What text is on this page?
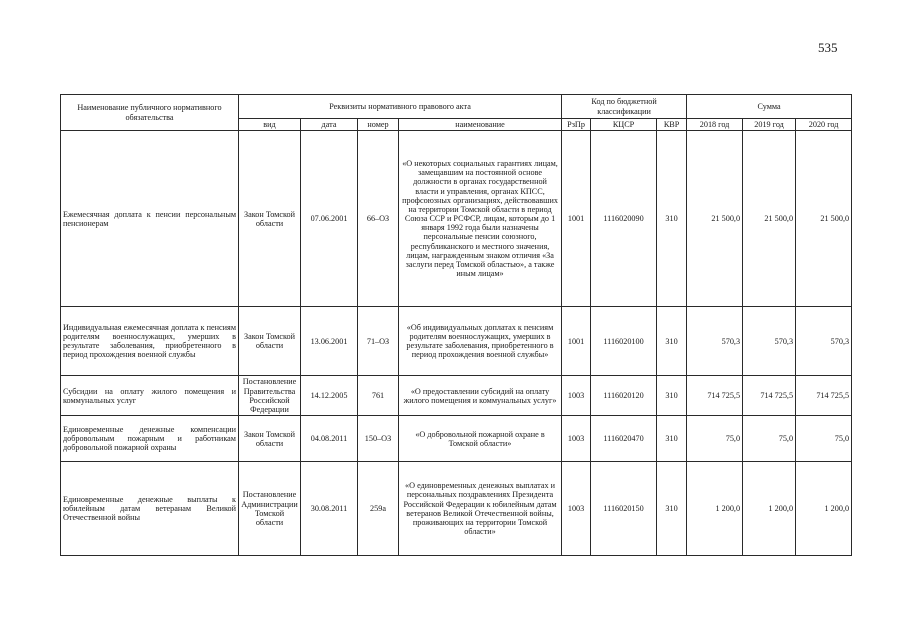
535
Наименование публичного нормативного обязательства	Реквизиты нормативного правового акта				Код по бюджетной классификации			Сумма		
	вид	дата	номер	наименование	РзПр	КЦСР	КВР	2018 год	2019 год	2020 год
Ежемесячная доплата к пенсии персональным пенсионерам	Закон Томской области	07.06.2001	66–ОЗ	«О некоторых социальных гарантиях лицам, замещавшим на постоянной основе должности в органах государственной власти и управления, органах КПСС, профсоюзных организациях, действовавших на территории Томской области в период Союза ССР и РСФСР, лицам, которым до 1 января 1992 года были назначены персональные пенсии союзного, республиканского и местного значения, лицам, награжденным знаком отличия «За заслуги перед Томской областью», а также иным лицам»	1001	1116020090	310	21 500,0	21 500,0	21 500,0
Индивидуальная ежемесячная доплата к пенсиям родителям военнослужащих, умерших в результате заболевания, приобретенного в период прохождения военной службы	Закон Томской области	13.06.2001	71–ОЗ	«Об индивидуальных доплатах к пенсиям родителям военнослужащих, умерших в результате заболевания, приобретенного в период прохождения военной службы»	1001	1116020100	310	570,3	570,3	570,3
Субсидии на оплату жилого помещения и коммунальных услуг	Постановление Правительства Российской Федерации	14.12.2005	761	«О предоставлении субсидий на оплату жилого помещения и коммунальных услуг»	1003	1116020120	310	714 725,5	714 725,5	714 725,5
Единовременные денежные компенсации добровольным пожарным и работникам добровольной пожарной охраны	Закон Томской области	04.08.2011	150–ОЗ	«О добровольной пожарной охране в Томской области»	1003	1116020470	310	75,0	75,0	75,0
Единовременные денежные выплаты к юбилейным датам ветеранам Великой Отечественной войны	Постановление Администрации Томской области	30.08.2011	259а	«О единовременных денежных выплатах и персональных поздравлениях Президента Российской Федерации к юбилейным датам ветеранов Великой Отечественной войны, проживающих на территории Томской области»	1003	1116020150	310	1 200,0	1 200,0	1 200,0
